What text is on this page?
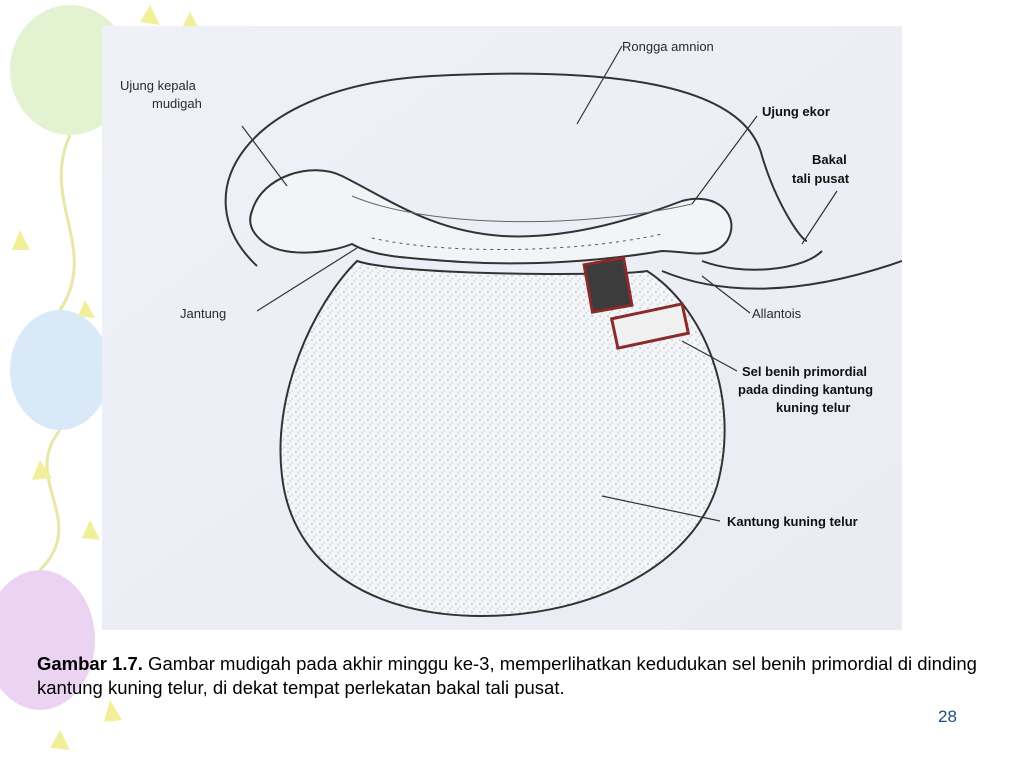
Rongga amnion
Ujung kepala
mudigah
Ujung ekor
Bakal
tali pusat
Jantung	Allantois
Sel benih primordial
pada dinding kantung
kuning telur
Kantung kuning telur
Gambar 1.7. Gambar mudigah pada akhir minggu ke-3, memperlihatkan kedudukan sel benih primordial di dinding kantung kuning telur, di dekat tempat perlekatan bakal tali pusat.
28
